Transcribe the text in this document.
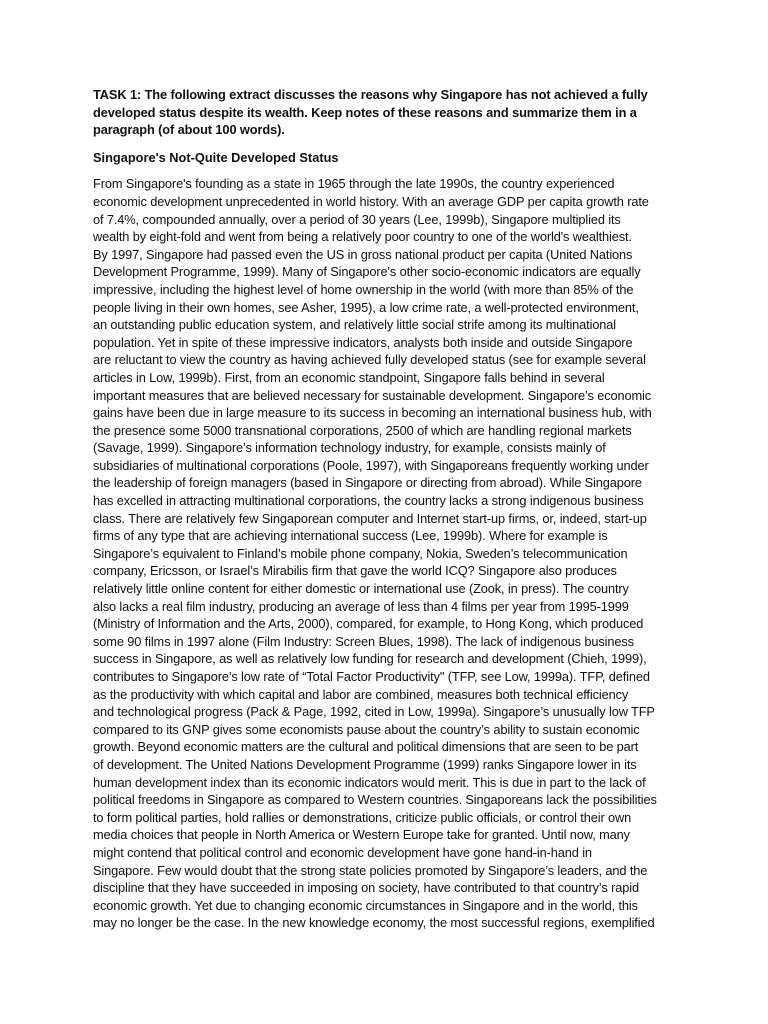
TASK 1: The following extract discusses the reasons why Singapore has not achieved a fully
developed status despite its wealth. Keep notes of these reasons and summarize them in a
paragraph (of about 100 words).
Singapore's Not-Quite Developed Status
From Singapore's founding as a state in 1965 through the late 1990s, the country experienced
economic development unprecedented in world history. With an average GDP per capita growth rate
of 7.4%, compounded annually, over a period of 30 years (Lee, 1999b), Singapore multiplied its
wealth by eight-fold and went from being a relatively poor country to one of the world's wealthiest.
By 1997, Singapore had passed even the US in gross national product per capita (United Nations
Development Programme, 1999). Many of Singapore's other socio-economic indicators are equally
impressive, including the highest level of home ownership in the world (with more than 85% of the
people living in their own homes, see Asher, 1995), a low crime rate, a well-protected environment,
an outstanding public education system, and relatively little social strife among its multinational
population. Yet in spite of these impressive indicators, analysts both inside and outside Singapore
are reluctant to view the country as having achieved fully developed status (see for example several
articles in Low, 1999b). First, from an economic standpoint, Singapore falls behind in several
important measures that are believed necessary for sustainable development. Singapore’s economic
gains have been due in large measure to its success in becoming an international business hub, with
the presence some 5000 transnational corporations, 2500 of which are handling regional markets
(Savage, 1999). Singapore’s information technology industry, for example, consists mainly of
subsidiaries of multinational corporations (Poole, 1997), with Singaporeans frequently working under
the leadership of foreign managers (based in Singapore or directing from abroad). While Singapore
has excelled in attracting multinational corporations, the country lacks a strong indigenous business
class. There are relatively few Singaporean computer and Internet start-up firms, or, indeed, start-up
firms of any type that are achieving international success (Lee, 1999b). Where for example is
Singapore’s equivalent to Finland’s mobile phone company, Nokia, Sweden’s telecommunication
company, Ericsson, or Israel’s Mirabilis firm that gave the world ICQ? Singapore also produces
relatively little online content for either domestic or international use (Zook, in press). The country
also lacks a real film industry, producing an average of less than 4 films per year from 1995-1999
(Ministry of Information and the Arts, 2000), compared, for example, to Hong Kong, which produced
some 90 films in 1997 alone (Film Industry: Screen Blues, 1998). The lack of indigenous business
success in Singapore, as well as relatively low funding for research and development (Chieh, 1999),
contributes to Singapore’s low rate of “Total Factor Productivity" (TFP, see Low, 1999a). TFP, defined
as the productivity with which capital and labor are combined, measures both technical efficiency
and technological progress (Pack & Page, 1992, cited in Low, 1999a). Singapore’s unusually low TFP
compared to its GNP gives some economists pause about the country’s ability to sustain economic
growth. Beyond economic matters are the cultural and political dimensions that are seen to be part
of development. The United Nations Development Programme (1999) ranks Singapore lower in its
human development index than its economic indicators would merit. This is due in part to the lack of
political freedoms in Singapore as compared to Western countries. Singaporeans lack the possibilities
to form political parties, hold rallies or demonstrations, criticize public officials, or control their own
media choices that people in North America or Western Europe take for granted. Until now, many
might contend that political control and economic development have gone hand-in-hand in
Singapore. Few would doubt that the strong state policies promoted by Singapore’s leaders, and the
discipline that they have succeeded in imposing on society, have contributed to that country’s rapid
economic growth. Yet due to changing economic circumstances in Singapore and in the world, this
may no longer be the case. In the new knowledge economy, the most successful regions, exemplified
